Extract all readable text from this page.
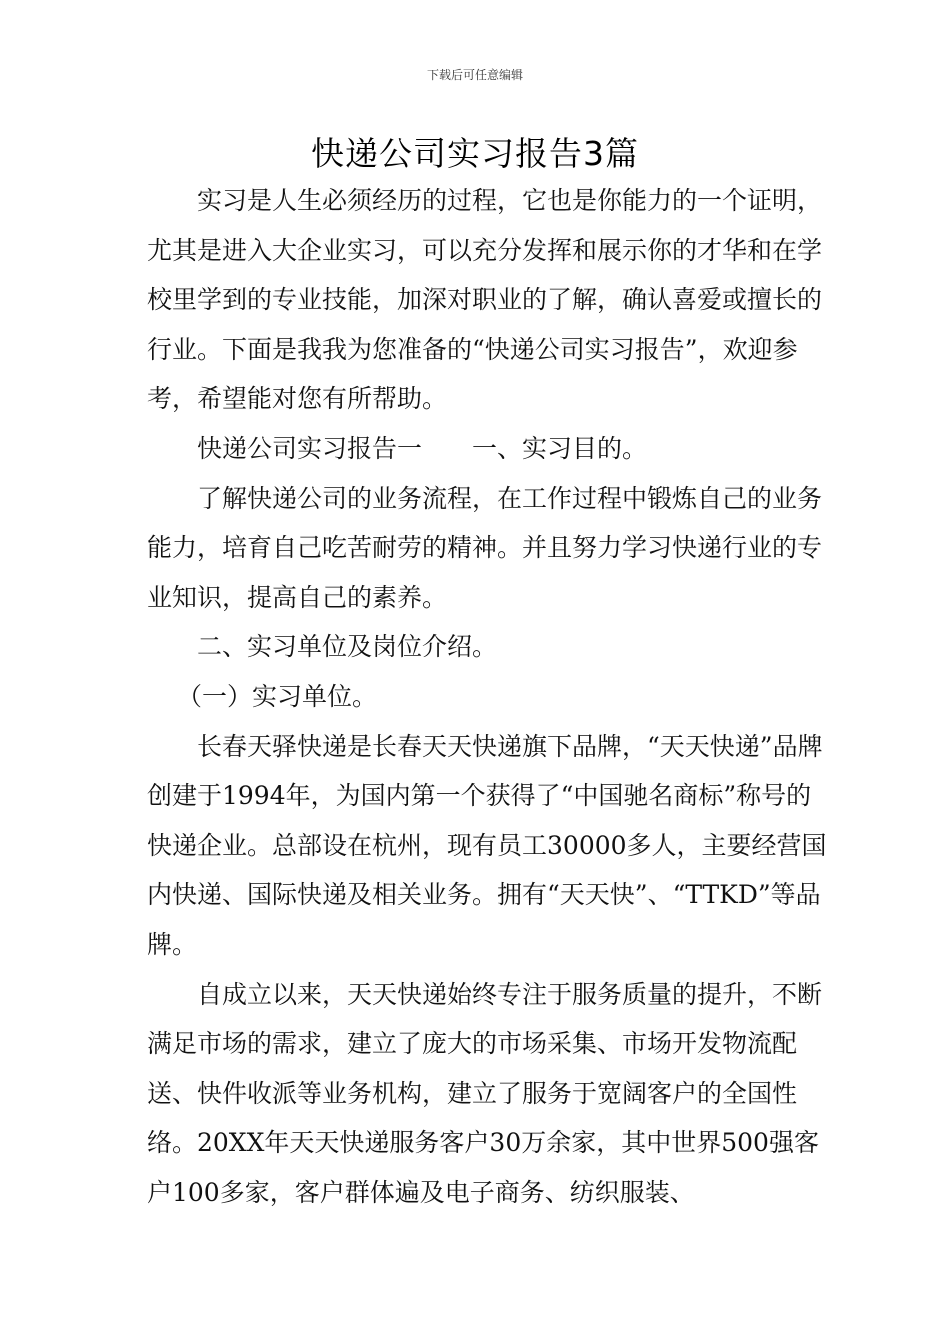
下载后可任意编辑
快递公司实习报告3篇

实习是人生必须经历的过程，它也是你能力的一个证明，尤其是进入大企业实习，可以充分发挥和展示你的才华和在学校里学到的专业技能，加深对职业的了解，确认喜爱或擅长的行业。下面是我我为您准备的“快递公司实习报告”，欢迎参考，希望能对您有所帮助。

快递公司实习报告一　　一、实习目的。

了解快递公司的业务流程，在工作过程中锻炼自己的业务能力，培育自己吃苦耐劳的精神。并且努力学习快递行业的专业知识，提高自己的素养。

二、实习单位及岗位介绍。

（一）实习单位。

长春天驿快递是长春天天快递旗下品牌，“天天快递”品牌创建于1994年，为国内第一个获得了“中国驰名商标”称号的快递企业。总部设在杭州，现有员工30000多人，主要经营国内快递、国际快递及相关业务。拥有“天天快”、“TTKD”等品牌。

自成立以来，天天快递始终专注于服务质量的提升，不断满足市场的需求，建立了庞大的市场采集、市场开发物流配送、快件收派等业务机构，建立了服务于宽阔客户的全国性络。20XX年天天快递服务客户30万余家，其中世界500强客户100多家，客户群体遍及电子商务、纺织服装、
